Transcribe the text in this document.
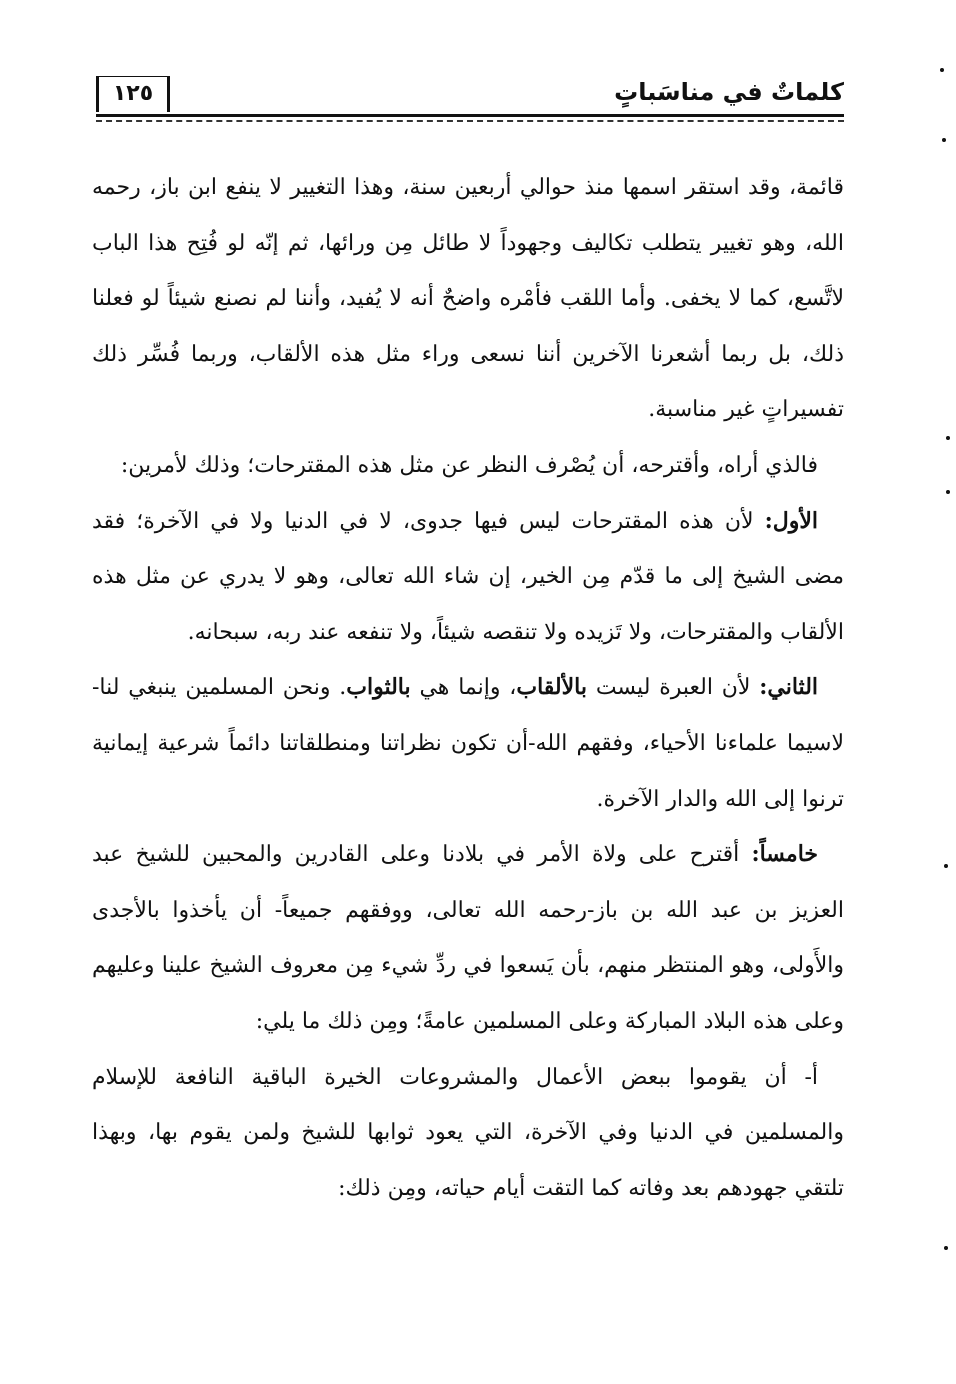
١٢٥	كلماتٌ في مناسَباتٍ

قائمة، وقد استقر اسمها منذ حوالي أربعين سنة، وهذا التغيير لا ينفع ابن باز، رحمه الله، وهو تغيير يتطلب تكاليف وجهوداً لا طائل مِن ورائها، ثم إنّه لو فُتِح هذا الباب لاتَّسع، كما لا يخفى. وأما اللقب فأمْره واضحٌ أنه لا يُفيد، وأننا لم نصنع شيئاً لو فعلنا ذلك، بل ربما أشعرنا الآخرين أننا نسعى وراء مثل هذه الألقاب، وربما فُسِّر ذلك تفسيراتٍ غير مناسبة.

فالذي أراه، وأقترحه، أن يُصْرف النظر عن مثل هذه المقترحات؛ وذلك لأمرين:

الأول: لأن هذه المقترحات ليس فيها جدوى، لا في الدنيا ولا في الآخرة؛ فقد مضى الشيخ إلى ما قدّم مِن الخير، إن شاء الله تعالى، وهو لا يدري عن مثل هذه الألقاب والمقترحات، ولا تَزيده ولا تنقصه شيئاً، ولا تنفعه عند ربه، سبحانه.

الثاني: لأن العبرة ليست بالألقاب، وإنما هي بالثواب. ونحن المسلمين ينبغي لنا-لاسيما علماءنا الأحياء، وفقهم الله-أن تكون نظراتنا ومنطلقاتنا دائماً شرعية إيمانية ترنوا إلى الله والدار الآخرة.

خامساً: أقترح على ولاة الأمر في بلادنا وعلى القادرين والمحبين للشيخ عبد العزيز بن عبد الله بن باز-رحمه الله تعالى، ووفقهم جميعاً- أن يأخذوا بالأجدى والأَولى، وهو المنتظر منهم، بأن يَسعوا في ردِّ شيء مِن معروف الشيخ علينا وعليهم وعلى هذه البلاد المباركة وعلى المسلمين عامةً؛ ومِن ذلك ما يلي:

أ- أن يقوموا ببعض الأعمال والمشروعات الخيرة الباقية النافعة للإسلام والمسلمين في الدنيا وفي الآخرة، التي يعود ثوابها للشيخ ولمن يقوم بها، وبهذا تلتقي جهودهم بعد وفاته كما التقت أيام حياته، ومِن ذلك:
